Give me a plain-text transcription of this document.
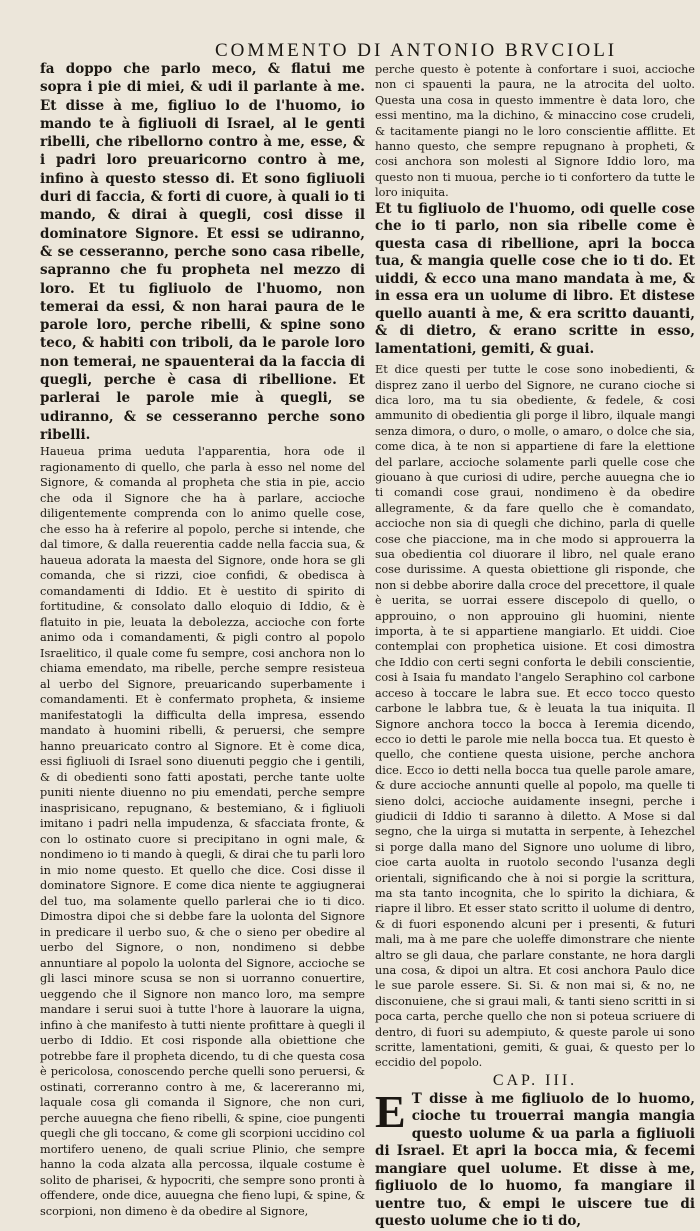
COMMENTO DI ANTONIO BRVCIOLI

fa doppo che parlo meco, & flatui me sopra i pie di miei, & udi il parlante à me. Et disse à me, figliuo lo de l'huomo, io mando te à figliuoli di Israel, al le genti ribelli, che ribellorno contro à me, esse, & i padri loro preuaricorno contro à me, infino à questo stesso di. Et sono figliuoli duri di faccia, & forti di cuore, à quali io ti mando, & dirai à quegli, cosi disse il dominatore Signore. Et essi se udiranno, & se cesseranno, perche sono casa ribelle, sapranno che fu propheta nel mezzo di loro. Et tu figliuolo de l'huomo, non temerai da essi, & non harai paura de le parole loro, perche ribelli, & spine sono teco, & habiti con triboli, da le parole loro non temerai, ne spauenterai da la faccia di quegli, perche è casa di ribellione. Et parlerai le parole mie à quegli, se udiranno, & se cesseranno perche sono ribelli.

Haueua prima ueduta l'apparentia, hora ode il ragionamento di quello, che parla à esso nel nome del Signore, & comanda al propheta che stia in pie, accio che oda il Signore che ha à parlare, accioche diligentemente comprenda con lo animo quelle cose, che esso ha à referire al popolo, perche si intende, che dal timore, & dalla reuerentia cadde nella faccia sua, & haueua adorata la maesta del Signore, onde hora se gli comanda, che si rizzi, cioe confidi, & obedisca à comandamenti di Iddio. Et è uestito di spirito di fortitudine, & consolato dallo eloquio di Iddio, & è flatuito in pie, leuata la debolezza, accioche con forte animo oda i comandamenti, & pigli contro al popolo Israelitico, il quale come fu sempre, cosi anchora non lo chiama emendato, ma ribelle, perche sempre resisteua al uerbo del Signore, preuaricando superbamente i comandamenti. Et è confermato propheta, & insieme manifestatogli la difficulta della impresa, essendo mandato à huomini ribelli, & peruersi, che sempre hanno preuaricato contro al Signore. Et è come dica, essi figliuoli di Israel sono diuenuti peggio che i gentili, & di obedienti sono fatti apostati, perche tante uolte puniti niente diuenno no piu emendati, perche sempre inasprisicano, repugnano, & bestemiano, & i figliuoli imitano i padri nella impudenza, & sfacciata fronte, & con lo ostinato cuore si precipitano in ogni male, & nondimeno io ti mando à quegli, & dirai che tu parli loro in mio nome questo. Et quello che dice. Cosi disse il dominatore Signore. E come dica niente te aggiugnerai del tuo, ma solamente quello parlerai che io ti dico. Dimostra dipoi che si debbe fare la uolonta del Signore in predicare il uerbo suo, & che o sieno per obedire al uerbo del Signore, o non, nondimeno si debbe annuntiare al popolo la uolonta del Signore, accioche se gli lasci minore scusa se non si uorranno conuertire, ueggendo che il Signore non manco loro, ma sempre mandare i serui suoi à tutte l'hore à lauorare la uigna, infino à che manifesto à tutti niente profittare à quegli il uerbo di Iddio. Et cosi risponde alla obiettione che potrebbe fare il propheta dicendo, tu di che questa cosa è pericolosa, conoscendo perche quelli sono peruersi, & ostinati, correranno contro à me, & lacereranno mi, laquale cosa gli comanda il Signore, che non curi, perche auuegna che fieno ribelli, & spine, cioe pungenti quegli che gli toccano, & come gli scorpioni uccidino col mortifero ueneno, de quali scriue Plinio, che sempre hanno la coda alzata alla percossa, ilquale costume è solito de pharisei, & hypocriti, che sempre sono pronti à offendere, onde dice, auuegna che fieno lupi, & spine, & scorpioni, non dimeno è da obedire al Signore,

perche questo è potente à confortare i suoi, accioche non ci spauenti la paura, ne la atrocita del uolto. Questa una cosa in questo immentre è data loro, che essi mentino, ma la dichino, & minaccino cose crudeli, & tacitamente piangi no le loro conscientie afflitte. Et hanno questo, che sempre repugnano à propheti, & cosi anchora son molesti al Signore Iddio loro, ma questo non ti muoua, perche io ti confortero da tutte le loro iniquita.

Et tu figliuolo de l'huomo, odi quelle cose che io ti parlo, non sia ribelle come è questa casa di ribellione, apri la bocca tua, & mangia quelle cose che io ti do. Et uiddi, & ecco una mano mandata à me, & in essa era un uolume di libro. Et distese quello auanti à me, & era scritto dauanti, & di dietro, & erano scritte in esso, lamentationi, gemiti, & guai.

Et dice questi per tutte le cose sono inobedienti, & disprez zano il uerbo del Signore, ne curano cioche si dica loro, ma tu sia obediente, & fedele, & cosi ammunito di obedientia gli porge il libro, ilquale mangi senza dimora, o duro, o molle, o amaro, o dolce che sia, come dica, à te non si appartiene di fare la elettione del parlare, accioche solamente parli quelle cose che giouano à que curiosi di udire, perche auuegna che io ti comandi cose graui, nondimeno è da obedire allegramente, & da fare quello che è comandato, accioche non sia di quegli che dichino, parla di quelle cose che piaccione, ma in che modo si approuerra la sua obedientia col diuorare il libro, nel quale erano cose durissime. A questa obiettione gli risponde, che non si debbe aborire dalla croce del precettore, il quale è uerita, se uorrai essere discepolo di quello, o approuino, o non approuino gli huomini, niente importa, à te si appartiene mangiarlo. Et uiddi. Cioe contemplai con prophetica uisione. Et cosi dimostra che Iddio con certi segni conforta le debili conscientie, cosi à Isaia fu mandato l'angelo Seraphino col carbone acceso à toccare le labra sue. Et ecco tocco questo carbone le labbra tue, & è leuata la tua iniquita. Il Signore anchora tocco la bocca à Ieremia dicendo, ecco io detti le parole mie nella bocca tua. Et questo è quello, che contiene questa uisione, perche anchora dice. Ecco io detti nella bocca tua quelle parole amare, & dure accioche annunti quelle al popolo, ma quelle ti sieno dolci, accioche auidamente insegni, perche i giudicii di Iddio ti saranno à diletto. A Mose si dal segno, che la uirga si mutatta in serpente, à Iehezchel si porge dalla mano del Signore uno uolume di libro, cioe carta auolta in ruotolo secondo l'usanza degli orientali, significando che à noi si porgie la scrittura, ma sta tanto incognita, che lo spirito la dichiara, & riapre il libro. Et esser stato scritto il uolume di dentro, & di fuori esponendo alcuni per i presenti, & futuri mali, ma à me pare che uoleffe dimonstrare che niente altro se gli daua, che parlare constante, ne hora dargli una cosa, & dipoi un altra. Et cosi anchora Paulo dice le sue parole essere. Si. Si. & non mai si, & no, ne disconuiene, che si graui mali, & tanti sieno scritti in si poca carta, perche quello che non si poteua scriuere di dentro, di fuori su adempiuto, & queste parole ui sono scritte, lamentationi, gemiti, & guai, & questo per lo eccidio del popolo.

CAP. III.

E T disse à me figliuolo de lo huomo, cioche tu trouerrai mangia mangia questo uolume & ua parla a figliuoli di Israel. Et apri la bocca mia, & fecemi mangiare quel uolume. Et disse à me, figliuolo de lo huomo, fa mangiare il uentre tuo, & empi le uiscere tue di questo uolume che io ti do,
